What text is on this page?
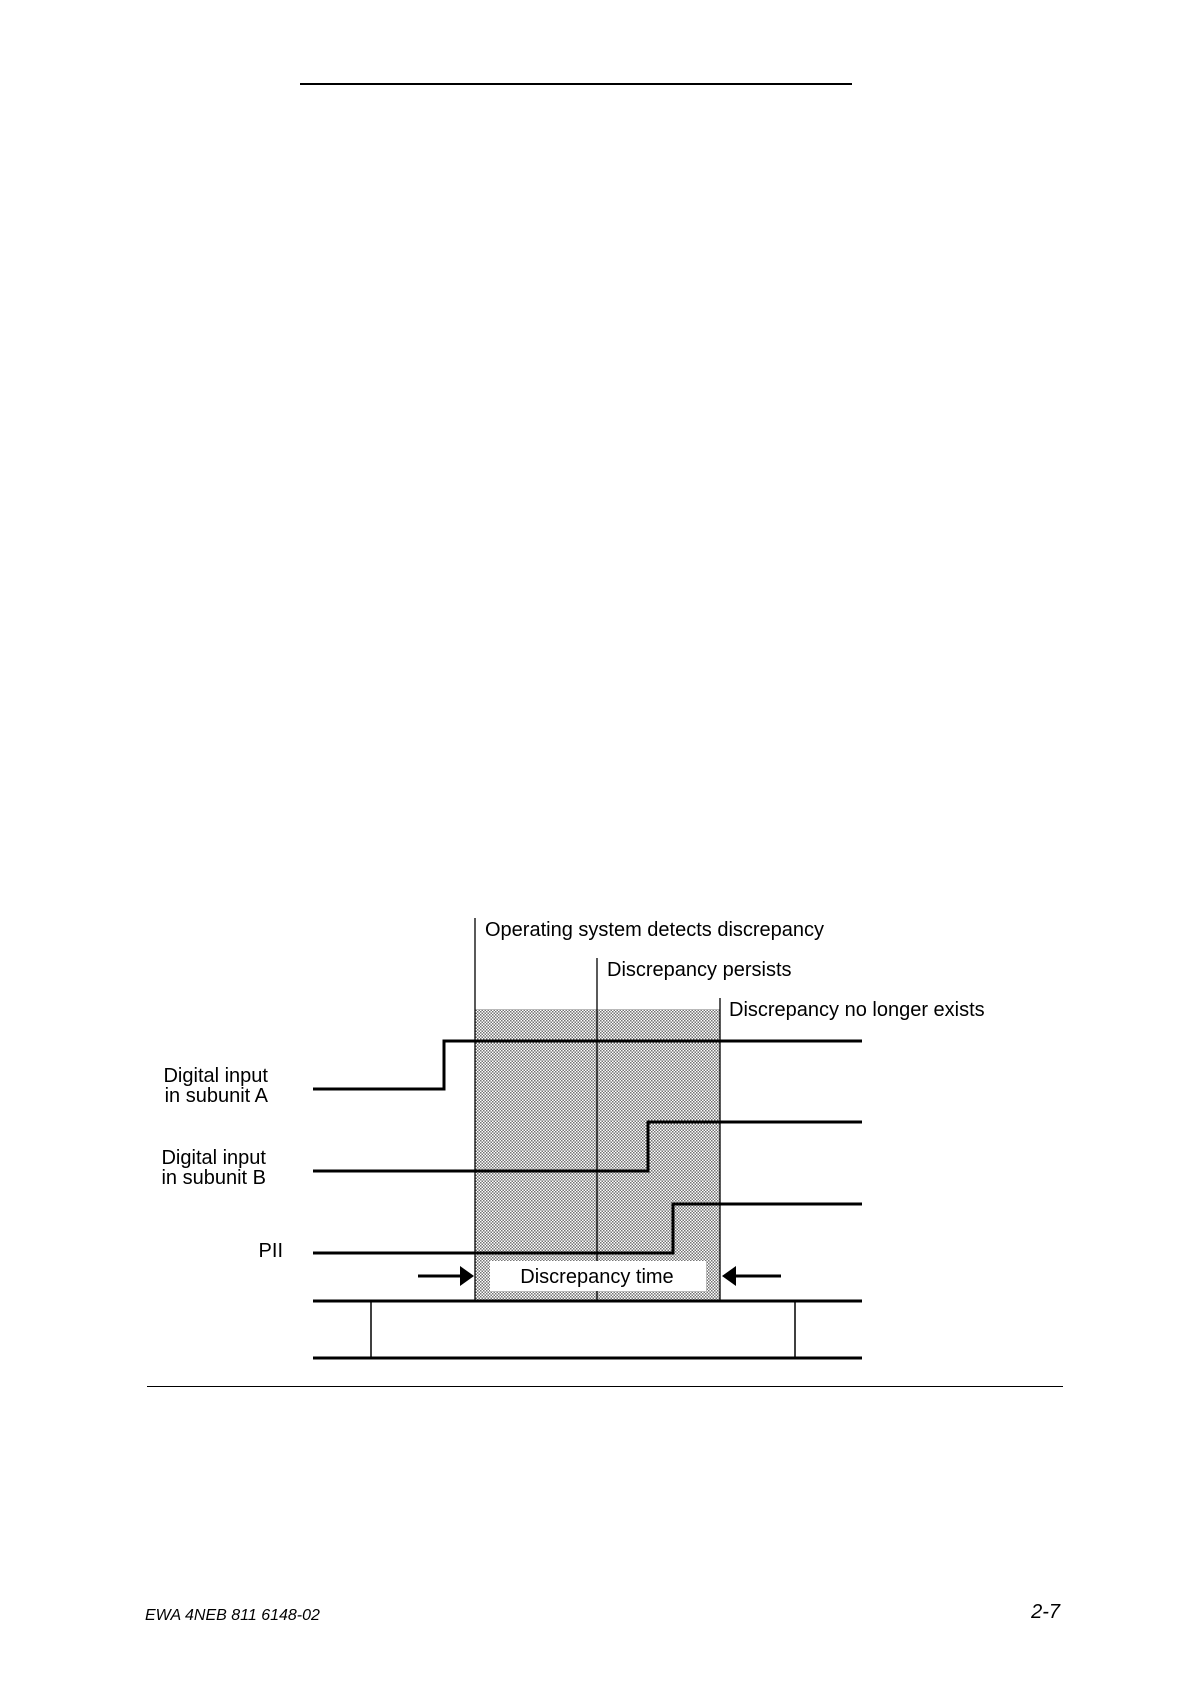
Operating system detects discrepancy
Discrepancy persists
Discrepancy no longer exists
Digital input
in subunit A
Digital input
in subunit B
PII
Discrepancy time
EWA 4NEB 811 6148-02	2-7
